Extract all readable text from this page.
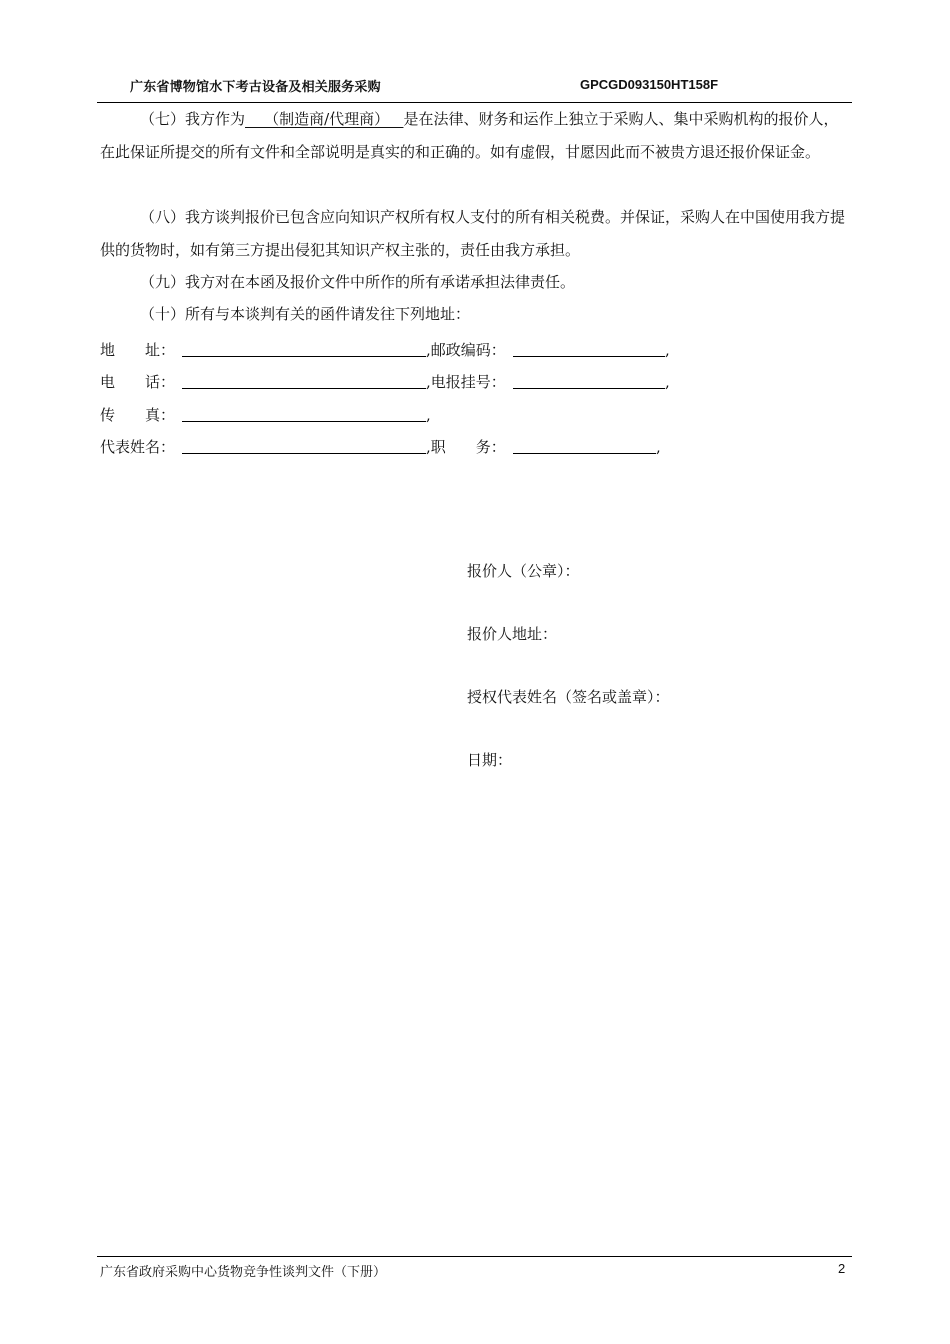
广东省博物馆水下考古设备及相关服务采购	GPCGD093150HT158F
（七）我方作为    （制造商/代理商）   是在法律、财务和运作上独立于采购人、集中采购机构的报价人，在此保证所提交的所有文件和全部说明是真实的和正确的。如有虚假，甘愿因此而不被贵方退还报价保证金。
（八）我方谈判报价已包含应向知识产权所有权人支付的所有相关税费。并保证，采购人在中国使用我方提供的货物时，如有第三方提出侵犯其知识产权主张的，责任由我方承担。
（九）我方对在本函及报价文件中所作的所有承诺承担法律责任。
（十）所有与本谈判有关的函件请发往下列地址：
地　　址：	,邮政编码：	,
电　　话：	,电报挂号：	,
传　　真：	,
代表姓名：	,职　　务：	,
报价人（公章）：
报价人地址：
授权代表姓名（签名或盖章）：
日期：
广东省政府采购中心货物竞争性谈判文件（下册）	2
